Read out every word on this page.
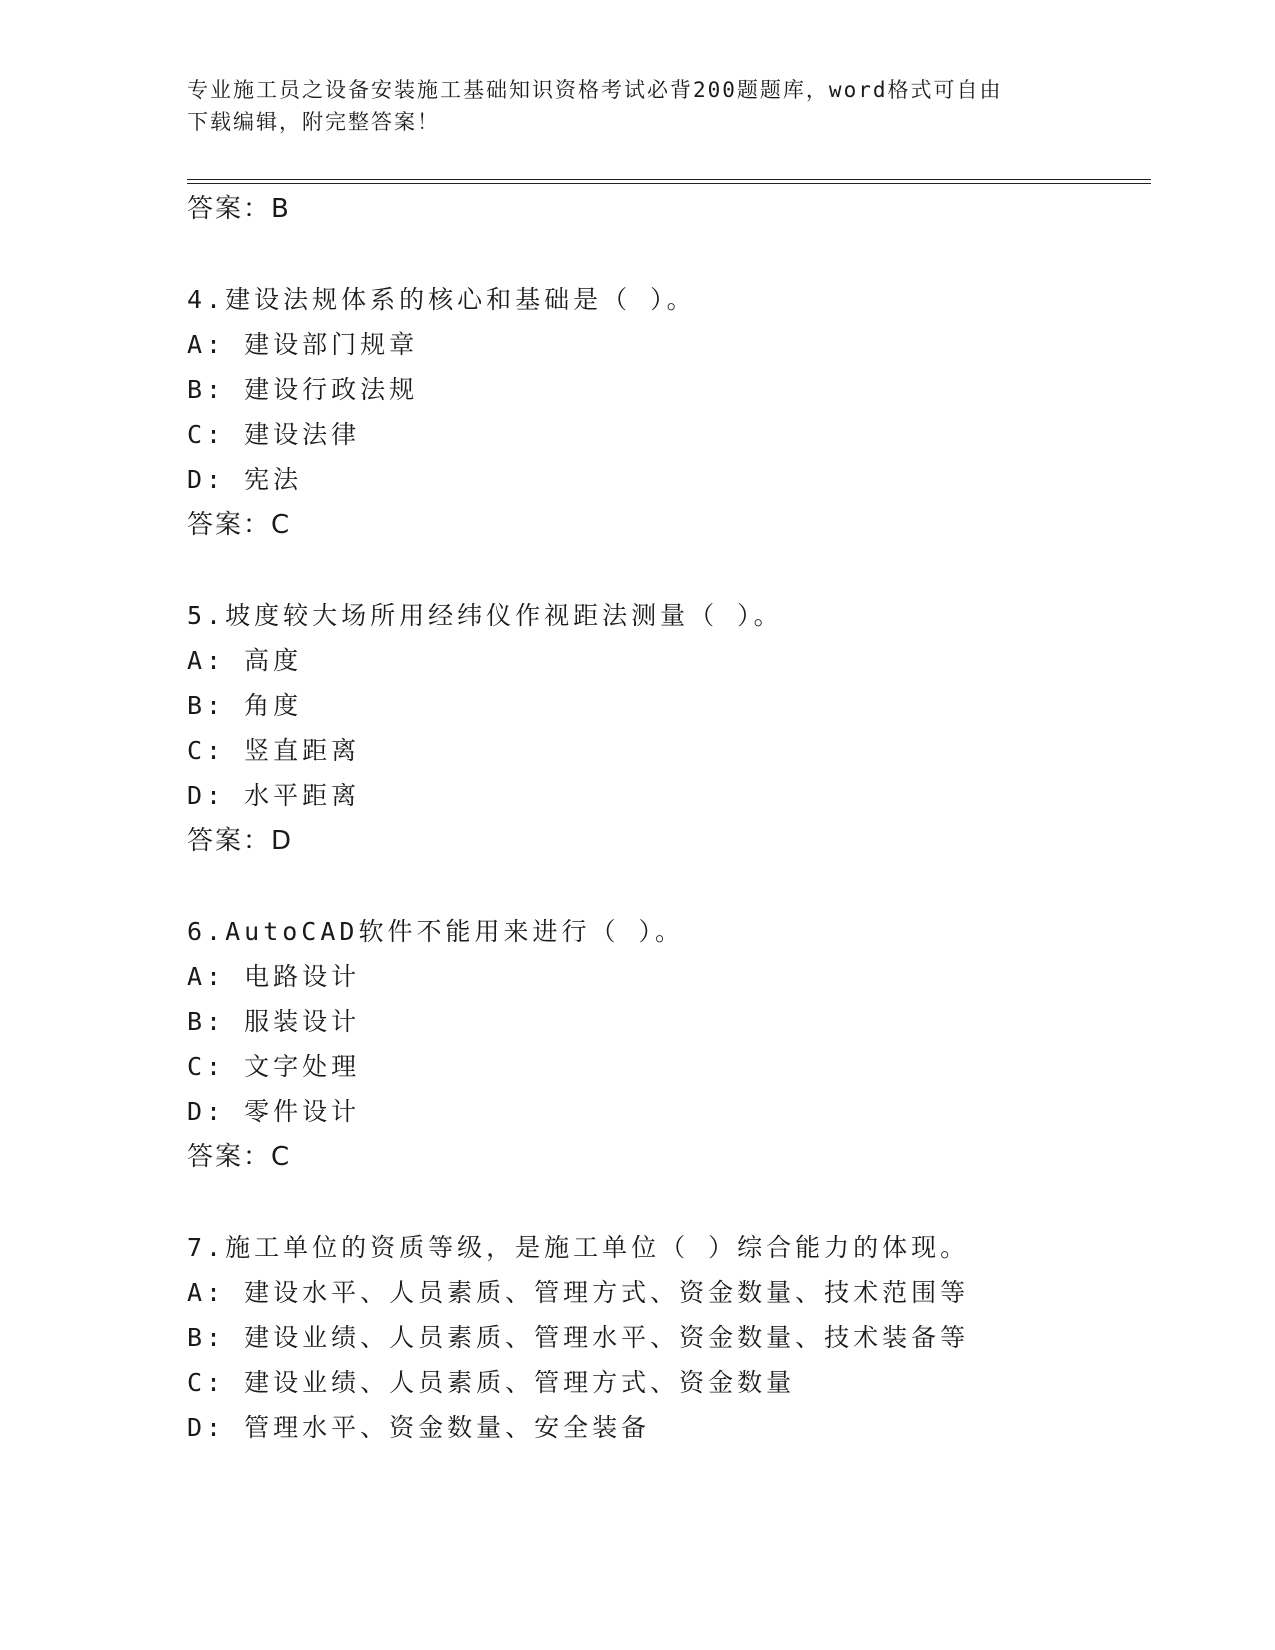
专业施工员之设备安装施工基础知识资格考试必背200题题库，word格式可自由
下载编辑，附完整答案！
答案：B
4.建设法规体系的核心和基础是（ ）。
A: 建设部门规章
B: 建设行政法规
C: 建设法律
D: 宪法
答案：C
5.坡度较大场所用经纬仪作视距法测量（ ）。
A: 高度
B: 角度
C: 竖直距离
D: 水平距离
答案：D
6.AutoCAD软件不能用来进行（ ）。
A: 电路设计
B: 服装设计
C: 文字处理
D: 零件设计
答案：C
7.施工单位的资质等级，是施工单位（ ）综合能力的体现。
A: 建设水平、人员素质、管理方式、资金数量、技术范围等
B: 建设业绩、人员素质、管理水平、资金数量、技术装备等
C: 建设业绩、人员素质、管理方式、资金数量
D: 管理水平、资金数量、安全装备
